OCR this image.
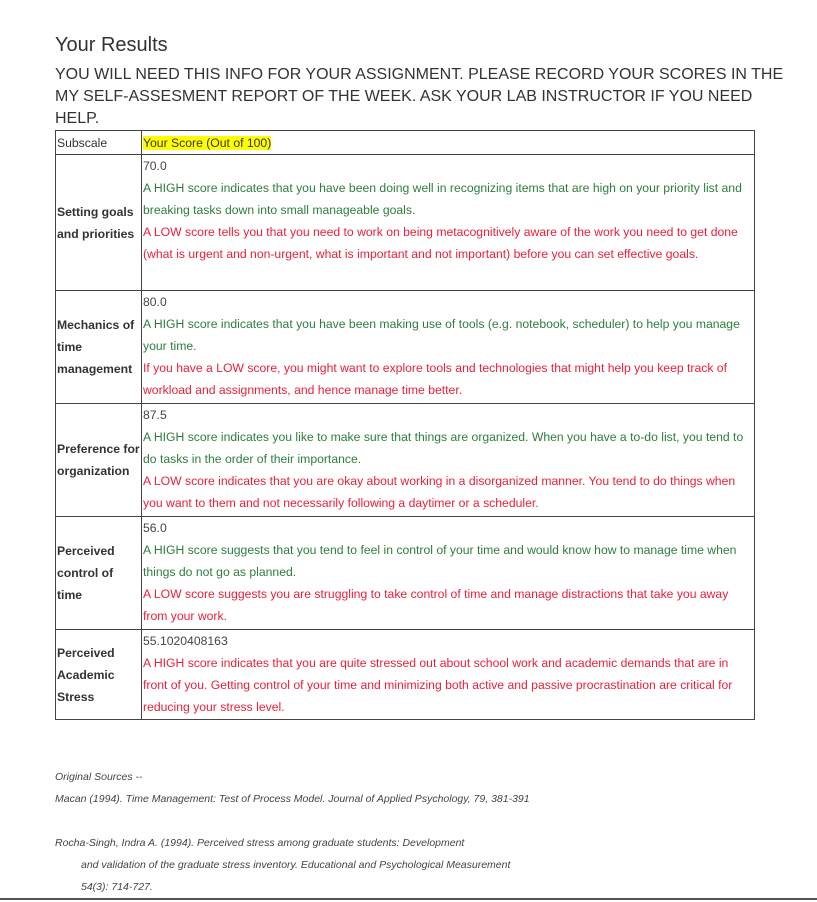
Your Results
YOU WILL NEED THIS INFO FOR YOUR ASSIGNMENT. PLEASE RECORD YOUR SCORES IN THE MY SELF-ASSESMENT REPORT OF THE WEEK. ASK YOUR LAB INSTRUCTOR IF YOU NEED HELP.
Subscale	Your Score (Out of 100)
Setting goals and priorities	70.0
A HIGH score indicates that you have been doing well in recognizing items that are high on your priority list and breaking tasks down into small manageable goals.
A LOW score tells you that you need to work on being metacognitively aware of the work you need to get done (what is urgent and non-urgent, what is important and not important) before you can set effective goals.

Mechanics of time management	80.0
A HIGH score indicates that you have been making use of tools (e.g. notebook, scheduler) to help you manage your time.
If you have a LOW score, you might want to explore tools and technologies that might help you keep track of workload and assignments, and hence manage time better.

Preference for organization	87.5
A HIGH score indicates you like to make sure that things are organized. When you have a to-do list, you tend to do tasks in the order of their importance.
A LOW score indicates that you are okay about working in a disorganized manner. You tend to do things when you want to them and not necessarily following a daytimer or a scheduler.

Perceived control of time	56.0
A HIGH score suggests that you tend to feel in control of your time and would know how to manage time when things do not go as planned.
A LOW score suggests you are struggling to take control of time and manage distractions that take you away from your work.

Perceived Academic Stress	55.1020408163
A HIGH score indicates that you are quite stressed out about school work and academic demands that are in front of you. Getting control of your time and minimizing both active and passive procrastination are critical for reducing your stress level.
Original Sources --
Macan (1994). Time Management: Test of Process Model. Journal of Applied Psychology, 79, 381-391
Rocha-Singh, Indra A. (1994). Perceived stress among graduate students: Development
and validation of the graduate stress inventory. Educational and Psychological Measurement
54(3): 714-727.
